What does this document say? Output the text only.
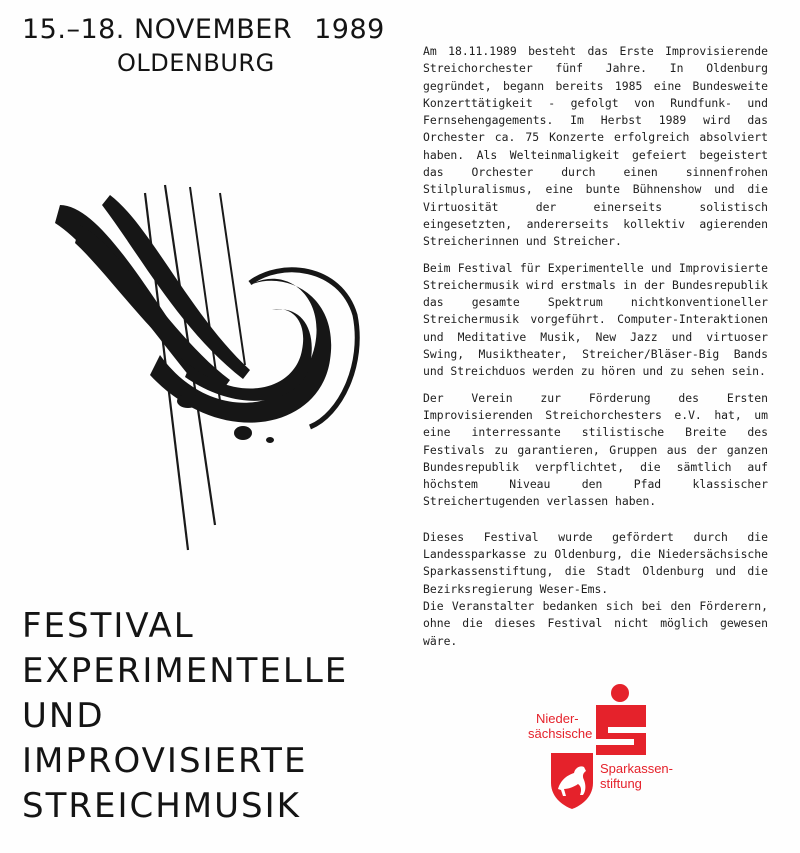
15.–18. NOVEMBER 1989
OLDENBURG
FESTIVAL
EXPERIMENTELLE
UND
IMPROVISIERTE
STREICHMUSIK

Am 18.11.1989 besteht das Erste Improvisierende Streichorchester fünf Jahre. In Oldenburg gegründet, begann bereits 1985 eine Bundesweite Konzerttätigkeit - gefolgt von Rundfunk- und Fernsehengagements. Im Herbst 1989 wird das Orchester ca. 75 Konzerte erfolgreich absolviert haben. Als Welteinmaligkeit gefeiert begeistert das Orchester durch einen sinnenfrohen Stilpluralismus, eine bunte Bühnenshow und die Virtuosität der einerseits solistisch eingesetzten, andererseits kollektiv agierenden Streicherinnen und Streicher.

Beim Festival für Experimentelle und Improvisierte Streichermusik wird erstmals in der Bundesrepublik das gesamte Spektrum nichtkonventioneller Streichermusik vorgeführt. Computer-Interaktionen und Meditative Musik, New Jazz und virtuoser Swing, Musiktheater, Streicher/Bläser-Big Bands und Streichduos werden zu hören und zu sehen sein.

Der Verein zur Förderung des Ersten Improvisierenden Streichorchesters e.V. hat, um eine interressante stilistische Breite des Festivals zu garantieren, Gruppen aus der ganzen Bundesrepublik verpflichtet, die sämtlich auf höchstem Niveau den Pfad klassischer Streichertugenden verlassen haben.

Dieses Festival wurde gefördert durch die Landessparkasse zu Oldenburg, die Niedersächsische Sparkassenstiftung, die Stadt Oldenburg und die Bezirksregierung Weser-Ems.

Die Veranstalter bedanken sich bei den Förderern, ohne die dieses Festival nicht möglich gewesen wäre.

Nieder-
sächsische
Sparkassen-
stiftung
